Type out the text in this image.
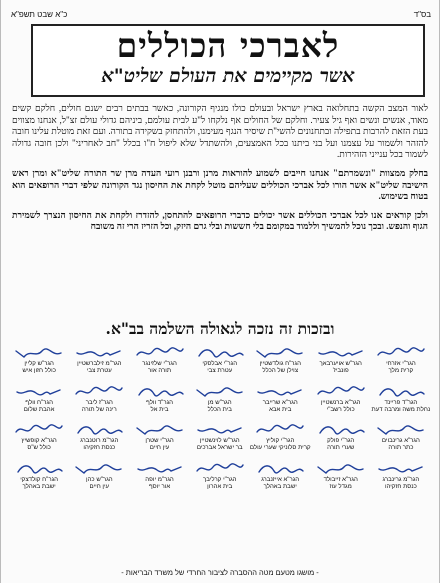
בס"ד
כ"א שבט תשפ"א
לאברכי הכוללים
אשר מקיימים את העולם שליט"א

לאור המצב הקשה בתחלואה בארץ ישראל ובעולם כולו מנגיף הקורונה, כאשר בבתים רבים ישנם חולים, חלקם קשים מאוד, אנשים ונשים ואף גיל צעיר. וחלקם של החולים אף נלקחו ל"ע לבית עולמם, ביניהם גדולי עולם זצ"ל, אנחנו מצווים בעת הזאת להרבות בתפילה ובתחנונים להשי"ת שיסיר הנגף מעימנו, ולהתחזק בשקידה בתורה. ועם זאת מוטלת עלינו חובה להזהר ולשמור על עצמנו ועל בני ביתנו בכל האמצעים, ולהשתדל שלא ליפול ח"ו בכלל "חב לאחריני" ולכן חובה גדולה לשמור בכל ענייני הזהירות.

בחלק ממצוות "ונשמרתם" אנחנו חייבים לשמוע להוראות מרנן ורבנן רועי העדה מרן שר התורה שליט"א ומרן ראש הישיבה שליט"א אשר הורו לכל אברכי הכוללים שעליהם מוטל לקחת את החיסון נגד הקורונה שלפי דברי הרופאים הוא בטוח בשימוש.

ולכן קוראים אנו לכל אברכי הכוללים אשר יכולים כדברי הרופאים להתחסן, להזדרז ולקחת את החיסון הנצרך לשמירת הגוף והנפש. ובכך נוכל להמשיך וללמוד במקומם בלי חששות ובלי גרם היזק, וכל הזריז הרי זה משובח

ובזכות זה נזכה לגאולה השלמה בב"א.
הגר"י אזרחי
קרית מלך
הגר"ש אויערבאך
פונביז'
הגר"ח גולדשטיין
צוילן של הכלל
הגר"י אבלסקי
עטרת צבי
הגר"י שלזינגר
תורה אור
הגר"מ זילברשטיין
עטרת צבי
הגר"ש קליין
כולל חזון איש
הגר"ד פריינד
נחלת משה ומרבה דעת
הגר"א ברנשטיין
כולל רשב"י
הגר"א שרייבר
בית אבא
הגר"ש מן
בית הכלל
הגר"ד וולף
בית אל
הגר"ז ליבר
רינה של תורה
הגר"ח וולף
אהבת שלום
הגר"א גרינבוים
כתר תורה
הגר"י פולק
שערי תורה
הגר"י קוליץ
קרית סלוניקי שערי עולם
הגר"ש לוינשטיין
בר ישראל אברכים
הגר"י שטרן
עין חיים
הגר"מ רוטנברג
כנסת חזקיהו
הגר"א קופשיץ
כולל ש"ס
הגר"מ גרינברג
כנסת חזקיהו
הגר"א זייבולד
מגדל עוז
הגר"א אייזנברג
ישבת באהלך
הגר"י קרליבך
בית אהרון
הגר"מ יופה
אור יוסף
הגר"ש כהן
עין חיים
הגר"ח קולדצקי
ישבת באהלך
- מושגו מטעם מטה ההסברה לציבור החרדי של משרד הבריאות -
